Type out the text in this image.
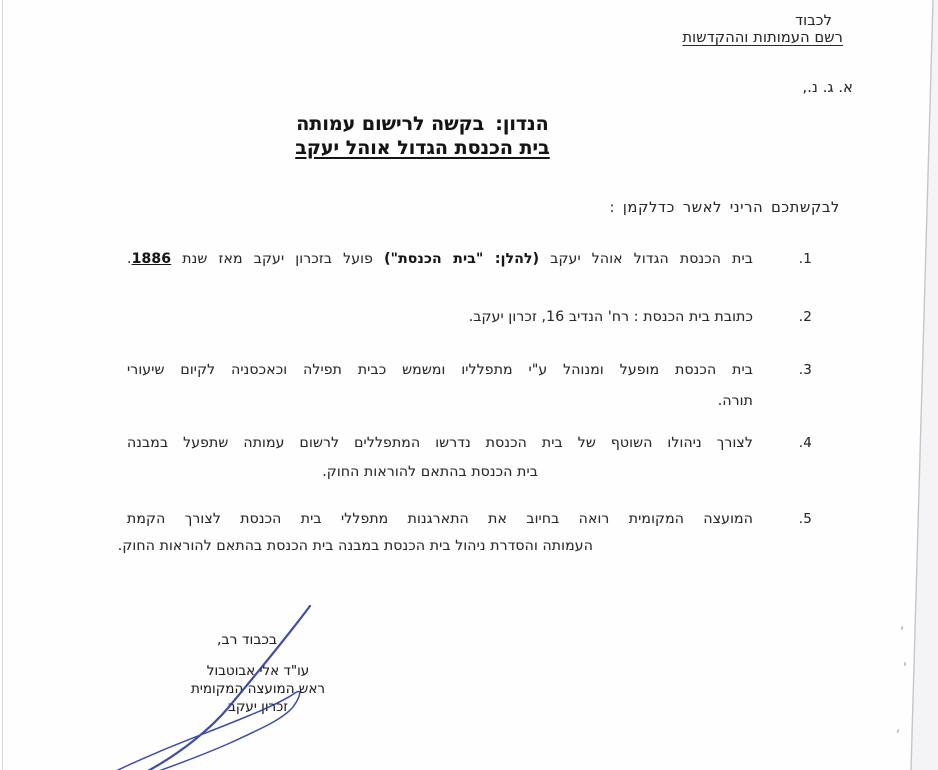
לכבוד
רשם העמותות וההקדשות
א. ג. נ.,
הנדון:בקשה לרישום עמותה
בית הכנסת הגדול אוהל יעקב
לבקשתכם הריני לאשר כדלקמן :
1.
בית הכנסת הגדול אוהל יעקב (להלן: "בית הכנסת") פועל בזכרון יעקב מאז שנת 1886.
2.
כתובת בית הכנסת : רח' הנדיב 16, זכרון יעקב.
3.
בית הכנסת מופעל ומנוהל ע"י מתפלליו ומשמש כבית תפילה וכאכסניה לקיום שיעורי
תורה.
4.
לצורך ניהולו השוטף של בית הכנסת נדרשו המתפללים לרשום עמותה שתפעל במבנה
בית הכנסת בהתאם להוראות החוק.
5.
המועצה המקומית רואה בחיוב את התארגנות מתפללי בית הכנסת לצורך הקמת
העמותה והסדרת ניהול בית הכנסת במבנה בית הכנסת בהתאם להוראות החוק.
בכבוד רב,
עו"ד אלי אבוטבול
ראש המועצה המקומית
זכרון יעקב
